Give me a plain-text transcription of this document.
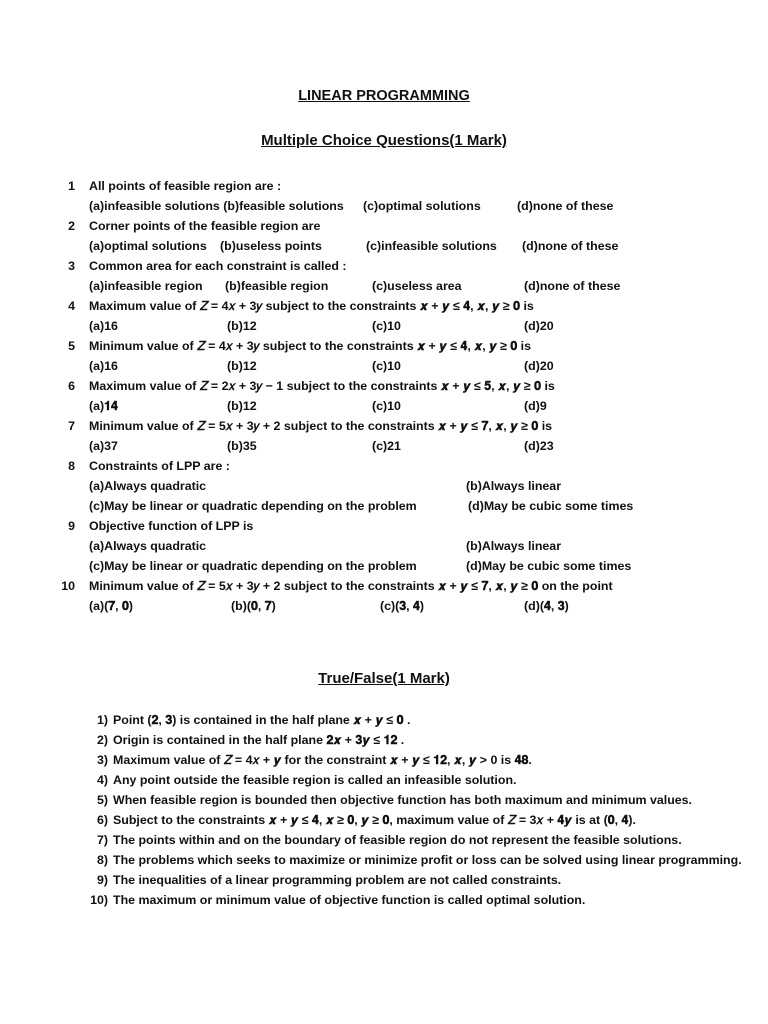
LINEAR PROGRAMMING
Multiple Choice Questions(1 Mark)
1 All points of feasible region are :
(a)infeasible solutions (b)feasible solutions (c)optimal solutions	(d)none of these
2 Corner points of the feasible region are
(a)optimal solutions (b)useless points	(c)infeasible solutions (d)none of these
3 Common area for each constraint is called :
(a)infeasible region (b)feasible region	(c)useless area	(d)none of these
4 Maximum value of 𝑍 = 4𝑥 + 3𝑦 subject to the constraints 𝒙 + 𝒚 ≤ 𝟒, 𝒙, 𝒚 ≥ 𝟎 is
(a)16	(b)12	(c)10	(d)20
5 Minimum value of 𝑍 = 4𝑥 + 3𝑦 subject to the constraints 𝒙 + 𝒚 ≤ 𝟒, 𝒙, 𝒚 ≥ 𝟎 is
(a)16	(b)12	(c)10	(d)20
6 Maximum value of 𝑍 = 2𝑥 + 3𝑦 − 1 subject to the constraints 𝒙 + 𝒚 ≤ 𝟓, 𝒙, 𝒚 ≥ 𝟎 is
(a)𝟏𝟒	(b)12	(c)10	(d)9
7 Minimum value of 𝑍 = 5𝑥 + 3𝑦 + 2 subject to the constraints 𝒙 + 𝒚 ≤ 𝟕, 𝒙, 𝒚 ≥ 𝟎 is
(a)37	(b)35	(c)21	(d)23
8 Constraints of LPP are :
(a)Always quadratic	(b)Always linear
(c)May be linear or quadratic depending on the problem	(d)May be cubic some times
9 Objective function of LPP is
(a)Always quadratic	(b)Always linear
(c)May be linear or quadratic depending on the problem	(d)May be cubic some times
10 Minimum value of 𝑍 = 5𝑥 + 3𝑦 + 2 subject to the constraints 𝒙 + 𝒚 ≤ 𝟕, 𝒙, 𝒚 ≥ 𝟎 on the point
(a)(𝟕, 𝟎)	(b)(𝟎, 𝟕)	(c)(𝟑, 𝟒)	(d)(𝟒, 𝟑)
True/False(1 Mark)
1) Point (𝟐, 𝟑) is contained in the half plane 𝒙 + 𝒚 ≤ 𝟎 .
2) Origin is contained in the half plane 𝟐𝒙 + 𝟑𝒚 ≤ 𝟏𝟐 .
3) Maximum value of 𝑍 = 4𝑥 + 𝒚 for the constraint 𝒙 + 𝒚 ≤ 𝟏𝟐, 𝒙, 𝒚 > 0 is 𝟒𝟖.
4) Any point outside the feasible region is called an infeasible solution.
5) When feasible region is bounded then objective function has both maximum and minimum values.
6) Subject to the constraints 𝒙 + 𝒚 ≤ 𝟒, 𝒙 ≥ 𝟎, 𝒚 ≥ 𝟎, maximum value of 𝑍 = 3𝑥 + 𝟒𝒚 is at (𝟎, 𝟒).
7) The points within and on the boundary of feasible region do not represent the feasible solutions.
8) The problems which seeks to maximize or minimize profit or loss can be solved using linear programming.
9) The inequalities of a linear programming problem are not called constraints.
10) The maximum or minimum value of objective function is called optimal solution.
